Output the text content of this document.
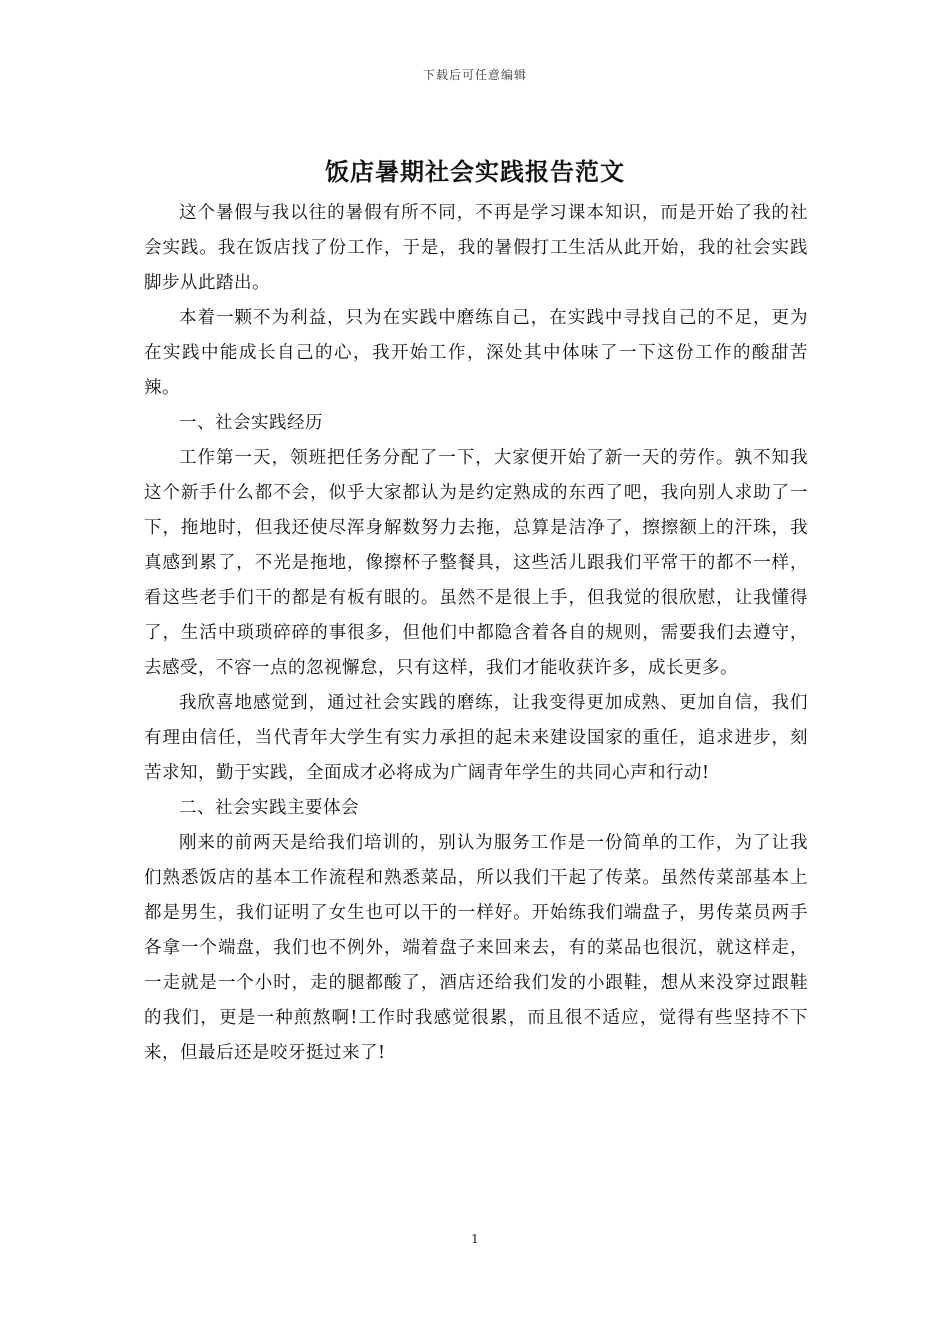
下载后可任意编辑
饭店暑期社会实践报告范文

这个暑假与我以往的暑假有所不同，不再是学习课本知识，而是开始了我的社会实践。我在饭店找了份工作，于是，我的暑假打工生活从此开始，我的社会实践脚步从此踏出。

本着一颗不为利益，只为在实践中磨练自己，在实践中寻找自己的不足，更为在实践中能成长自己的心，我开始工作，深处其中体味了一下这份工作的酸甜苦辣。

一、社会实践经历

工作第一天，领班把任务分配了一下，大家便开始了新一天的劳作。孰不知我这个新手什么都不会，似乎大家都认为是约定熟成的东西了吧，我向别人求助了一下，拖地时，但我还使尽浑身解数努力去拖，总算是洁净了，擦擦额上的汗珠，我真感到累了，不光是拖地，像擦杯子整餐具，这些活儿跟我们平常干的都不一样，看这些老手们干的都是有板有眼的。虽然不是很上手，但我觉的很欣慰，让我懂得了，生活中琐琐碎碎的事很多，但他们中都隐含着各自的规则，需要我们去遵守，去感受，不容一点的忽视懈怠，只有这样，我们才能收获许多，成长更多。

我欣喜地感觉到，通过社会实践的磨练，让我变得更加成熟、更加自信，我们有理由信任，当代青年大学生有实力承担的起未来建设国家的重任，追求进步，刻苦求知，勤于实践，全面成才必将成为广阔青年学生的共同心声和行动!

二、社会实践主要体会

刚来的前两天是给我们培训的，别认为服务工作是一份简单的工作，为了让我们熟悉饭店的基本工作流程和熟悉菜品，所以我们干起了传菜。虽然传菜部基本上都是男生，我们证明了女生也可以干的一样好。开始练我们端盘子，男传菜员两手各拿一个端盘，我们也不例外，端着盘子来回来去，有的菜品也很沉，就这样走，一走就是一个小时，走的腿都酸了，酒店还给我们发的小跟鞋，想从来没穿过跟鞋的我们，更是一种煎熬啊!工作时我感觉很累，而且很不适应，觉得有些坚持不下来，但最后还是咬牙挺过来了!

1
